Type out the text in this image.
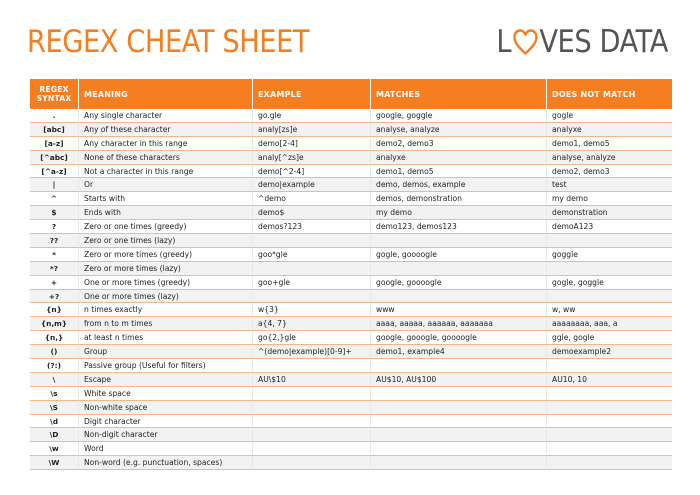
REGEX CHEAT SHEET	L VES DATA
REGEX
SYNTAX	MEANING	EXAMPLE	MATCHES	DOES NOT MATCH
.	Any single character	go.gle	google, goggle	gogle
[abc]	Any of these character	analy[zs]e	analyse, analyze	analyxe
[a-z]	Any character in this range	demo[2-4]	demo2, demo3	demo1, demo5
[^abc]	None of these characters	analy[^zs]e	analyxe	analyse, analyze
[^a-z]	Not a character in this range	demo[^2-4]	demo1, demo5	demo2, demo3
|	Or	demo|example	demo, demos, example	test
^	Starts with	^demo	demos, demonstration	my demo
$	Ends with	demo$	my demo	demonstration
?	Zero or one times (greedy)	demos?123	demo123, demos123	demoA123
??	Zero or one times (lazy)			
*	Zero or more times (greedy)	goo*gle	gogle, goooogle	goggle
*?	Zero or more times (lazy)			
+	One or more times (greedy)	goo+gle	google, goooogle	gogle, goggle
+?	One or more times (lazy)			
{n}	n times exactly	w{3}	www	w, ww
{n,m}	from n to m times	a{4, 7}	aaaa, aaaaa, aaaaaa, aaaaaaa	aaaaaaaa, aaa, a
{n,}	at least n times	go{2,}gle	google, gooogle, goooogle	ggle, gogle
()	Group	^(demo|example)[0-9]+	demo1, example4	demoexample2
(?:)	Passive group (Useful for filters)			
\	Escape	AU\$10	AU$10, AU$100	AU10, 10
\s	White space			
\S	Non-white space			
\d	Digit character			
\D	Non-digit character			
\w	Word			
\W	Non-word (e.g. punctuation, spaces)			
